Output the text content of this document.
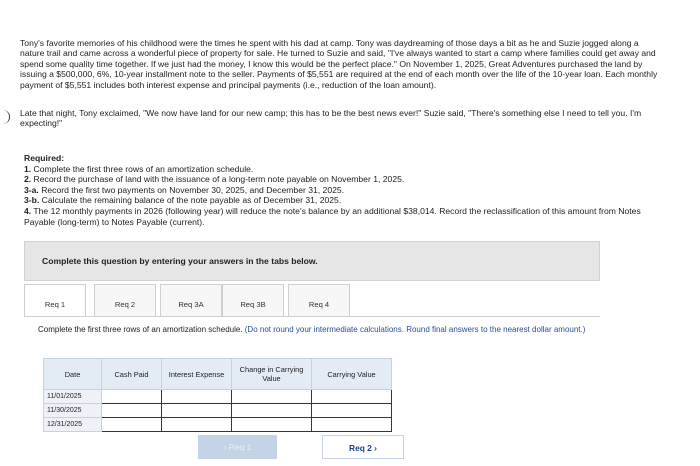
Tony's favorite memories of his childhood were the times he spent with his dad at camp. Tony was daydreaming of those days a bit as he and Suzie jogged along a nature trail and came across a wonderful piece of property for sale. He turned to Suzie and said, "I've always wanted to start a camp where families could get away and spend some quality time together. If we just had the money, I know this would be the perfect place." On November 1, 2025, Great Adventures purchased the land by issuing a $500,000, 6%, 10-year installment note to the seller. Payments of $5,551 are required at the end of each month over the life of the 10-year loan. Each monthly payment of $5,551 includes both interest expense and principal payments (i.e., reduction of the loan amount).
Late that night, Tony exclaimed, "We now have land for our new camp; this has to be the best news ever!" Suzie said, "There's something else I need to tell you. I'm expecting!"
Required:
1. Complete the first three rows of an amortization schedule.
2. Record the purchase of land with the issuance of a long-term note payable on November 1, 2025.
3-a. Record the first two payments on November 30, 2025, and December 31, 2025.
3-b. Calculate the remaining balance of the note payable as of December 31, 2025.
4. The 12 monthly payments in 2026 (following year) will reduce the note's balance by an additional $38,014. Record the reclassification of this amount from Notes Payable (long-term) to Notes Payable (current).
Complete this question by entering your answers in the tabs below.
Req 1	Req 2	Req 3A	Req 3B	Req 4
Complete the first three rows of an amortization schedule. (Do not round your intermediate calculations. Round final answers to the nearest dollar amount.)
Date	Cash Paid	Interest Expense	Change in Carrying Value	Carrying Value
11/01/2025				
11/30/2025				
12/31/2025				
‹ Req 1	Req 2 ›
